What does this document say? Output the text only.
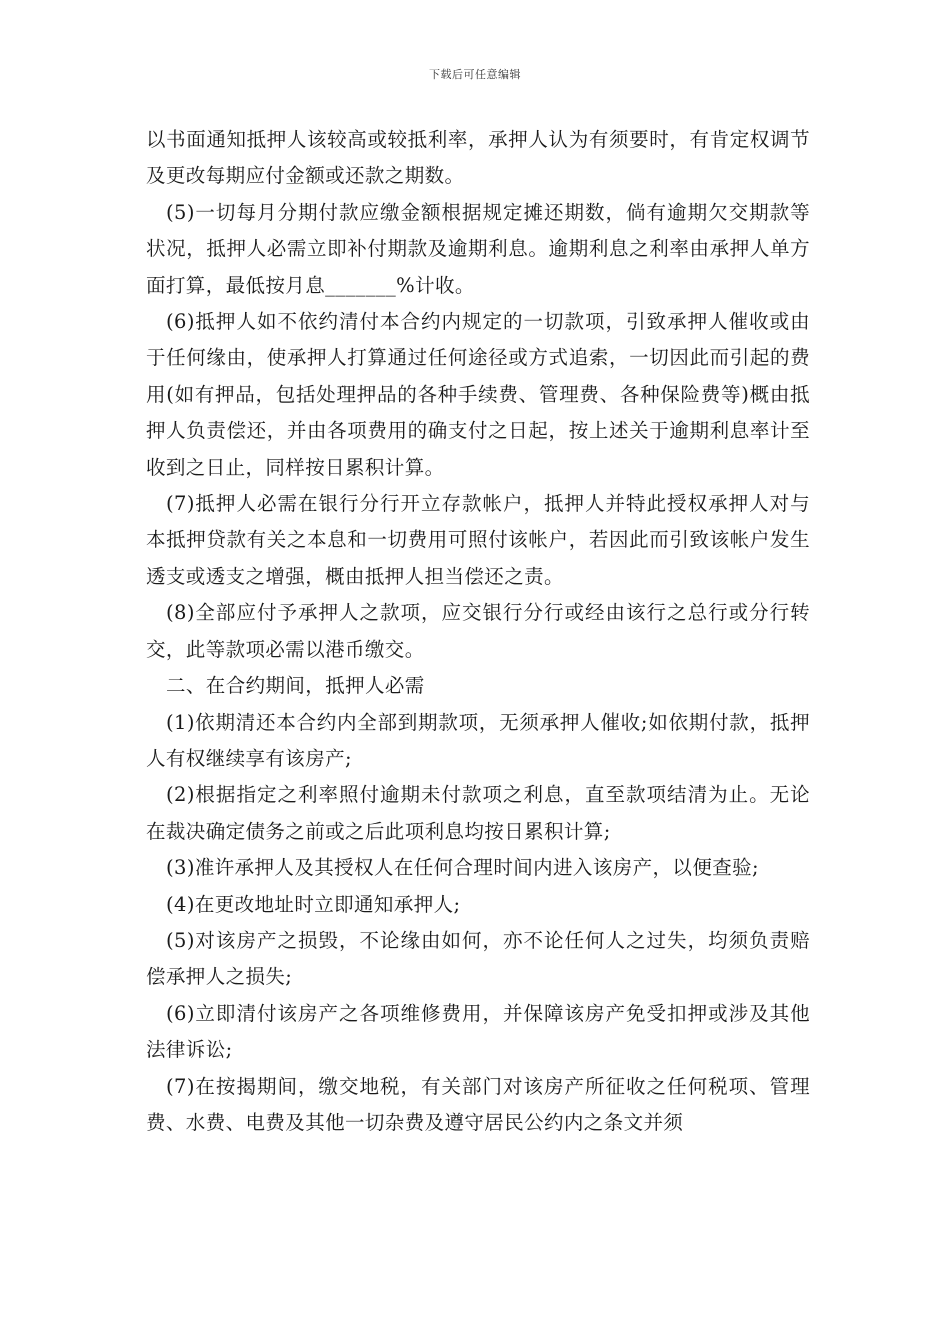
下载后可任意编辑

以书面通知抵押人该较高或较抵利率，承押人认为有须要时，有肯定权调节及更改每期应付金额或还款之期数。

(5)一切每月分期付款应缴金额根据规定摊还期数，倘有逾期欠交期款等状况，抵押人必需立即补付期款及逾期利息。逾期利息之利率由承押人单方面打算，最低按月息_______%计收。

(6)抵押人如不依约清付本合约内规定的一切款项，引致承押人催收或由于任何缘由，使承押人打算通过任何途径或方式追索，一切因此而引起的费用(如有押品，包括处理押品的各种手续费、管理费、各种保险费等)概由抵押人负责偿还，并由各项费用的确支付之日起，按上述关于逾期利息率计至收到之日止，同样按日累积计算。

(7)抵押人必需在银行分行开立存款帐户，抵押人并特此授权承押人对与本抵押贷款有关之本息和一切费用可照付该帐户，若因此而引致该帐户发生透支或透支之增强，概由抵押人担当偿还之责。

(8)全部应付予承押人之款项，应交银行分行或经由该行之总行或分行转交，此等款项必需以港币缴交。

二、在合约期间，抵押人必需

(1)依期清还本合约内全部到期款项，无须承押人催收;如依期付款，抵押人有权继续享有该房产;

(2)根据指定之利率照付逾期未付款项之利息，直至款项结清为止。无论在裁决确定债务之前或之后此项利息均按日累积计算;

(3)准许承押人及其授权人在任何合理时间内进入该房产，以便查验;

(4)在更改地址时立即通知承押人;

(5)对该房产之损毁，不论缘由如何，亦不论任何人之过失，均须负责赔偿承押人之损失;

(6)立即清付该房产之各项维修费用，并保障该房产免受扣押或涉及其他法律诉讼;

(7)在按揭期间，缴交地税，有关部门对该房产所征收之任何税项、管理费、水费、电费及其他一切杂费及遵守居民公约内之条文并须
